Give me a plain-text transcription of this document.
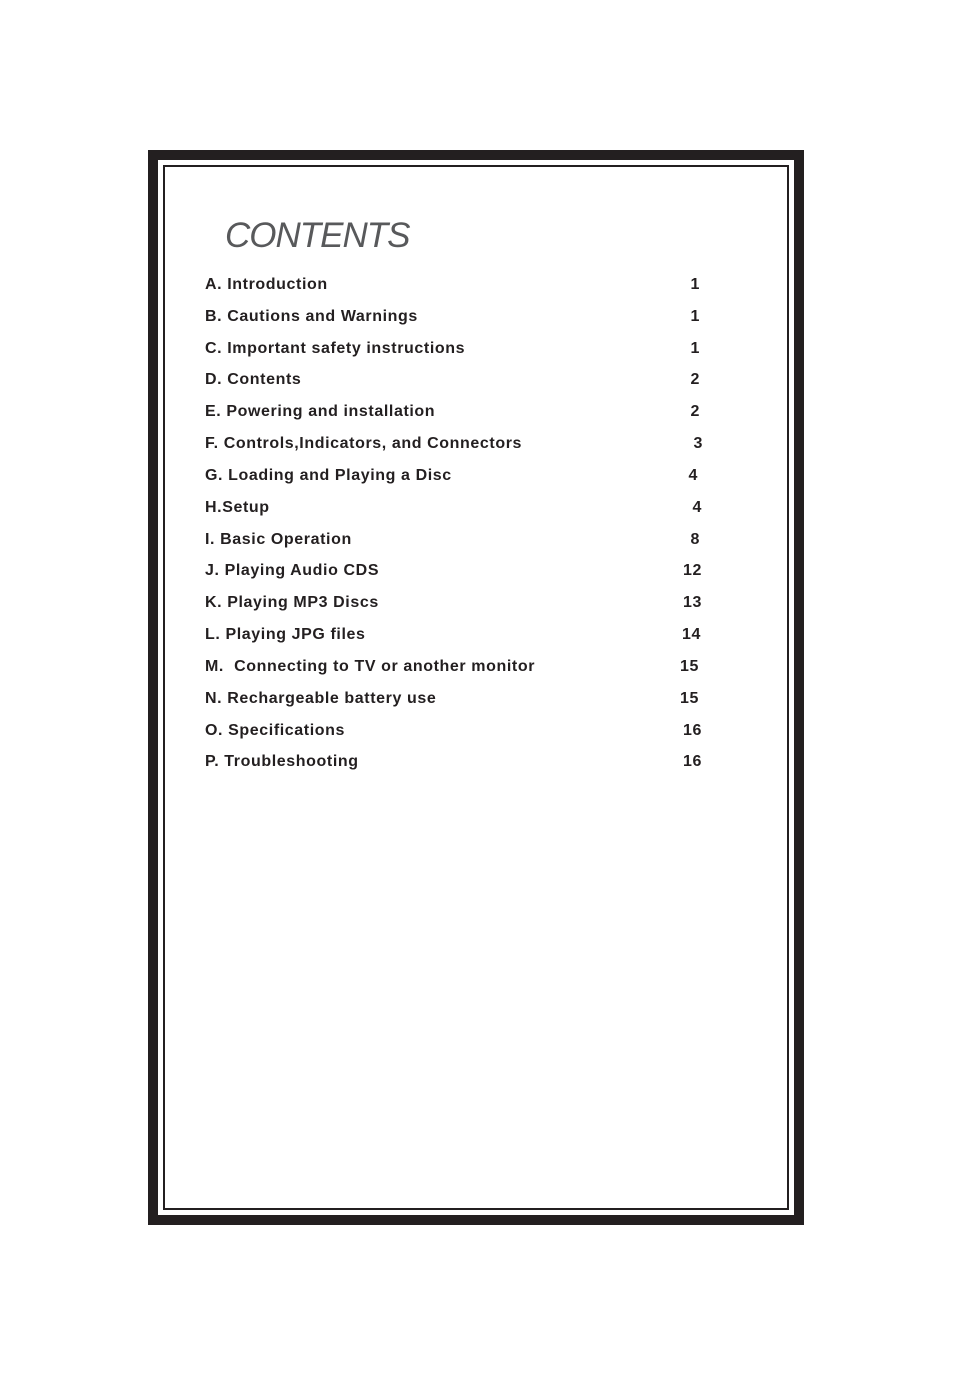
CONTENTS
A. Introduction	1
B. Cautions and Warnings	1
C. Important safety instructions	1
D. Contents	2
E. Powering and installation	2
F. Controls,Indicators, and Connectors	3
G. Loading and Playing a Disc	4
H.Setup	4
I. Basic Operation	8
J. Playing Audio CDS	12
K. Playing MP3 Discs	13
L. Playing JPG files	14
M.  Connecting to TV or another monitor	15
N. Rechargeable battery use	15
O. Specifications	16
P. Troubleshooting	16
